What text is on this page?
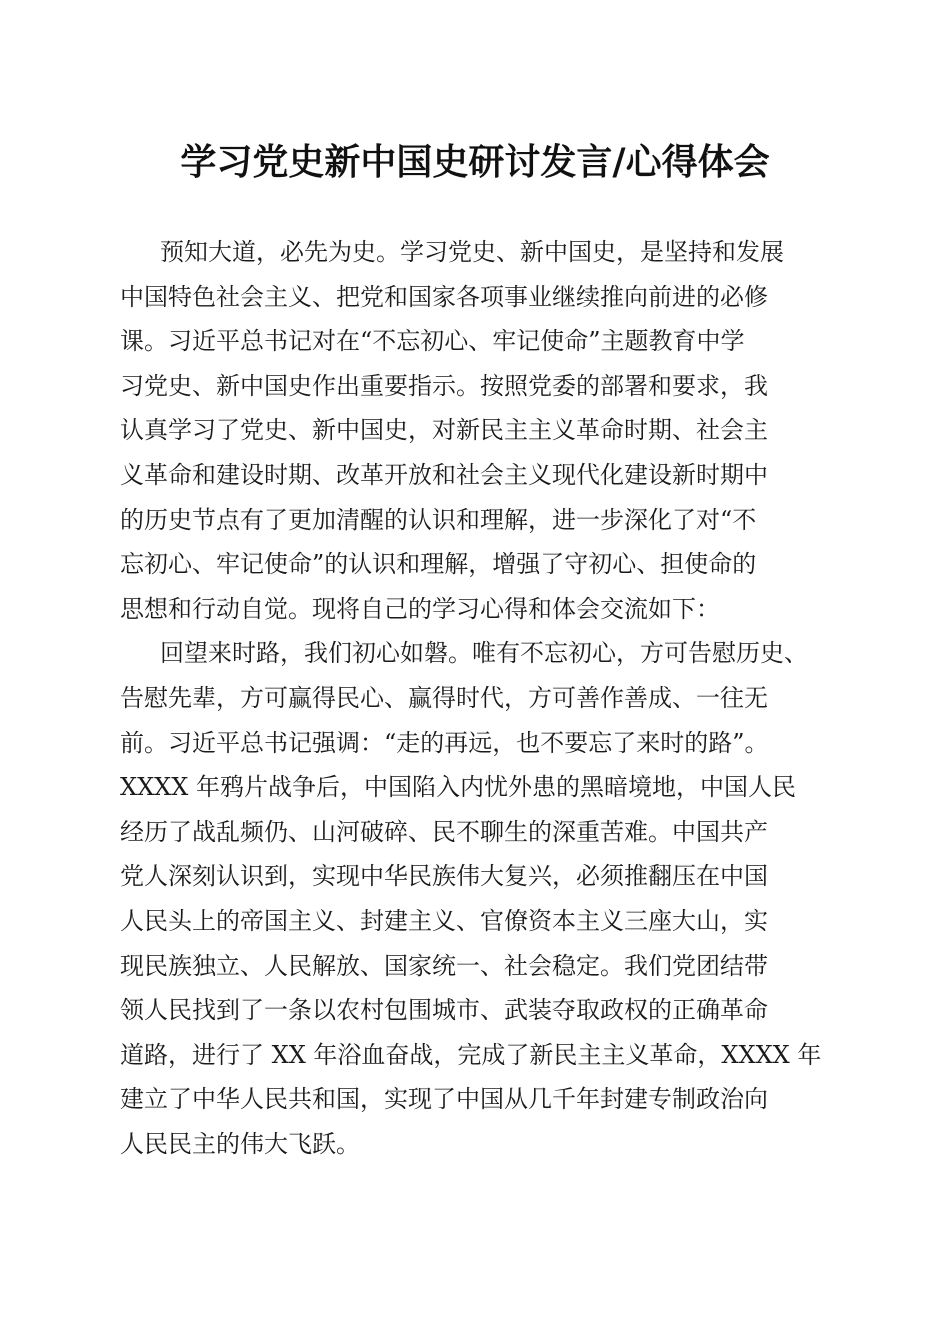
学习党史新中国史研讨发言/心得体会
预知大道，必先为史。学习党史、新中国史，是坚持和发展
中国特色社会主义、把党和国家各项事业继续推向前进的必修
课。习近平总书记对在“不忘初心、牢记使命”主题教育中学
习党史、新中国史作出重要指示。按照党委的部署和要求，我
认真学习了党史、新中国史，对新民主主义革命时期、社会主
义革命和建设时期、改革开放和社会主义现代化建设新时期中
的历史节点有了更加清醒的认识和理解，进一步深化了对“不
忘初心、牢记使命”的认识和理解，增强了守初心、担使命的
思想和行动自觉。现将自己的学习心得和体会交流如下：
回望来时路，我们初心如磐。唯有不忘初心，方可告慰历史、
告慰先辈，方可赢得民心、赢得时代，方可善作善成、一往无
前。习近平总书记强调：“走的再远，也不要忘了来时的路”。
XXXX 年鸦片战争后，中国陷入内忧外患的黑暗境地，中国人民
经历了战乱频仍、山河破碎、民不聊生的深重苦难。中国共产
党人深刻认识到，实现中华民族伟大复兴，必须推翻压在中国
人民头上的帝国主义、封建主义、官僚资本主义三座大山，实
现民族独立、人民解放、国家统一、社会稳定。我们党团结带
领人民找到了一条以农村包围城市、武装夺取政权的正确革命
道路，进行了 XX 年浴血奋战，完成了新民主主义革命，XXXX 年
建立了中华人民共和国，实现了中国从几千年封建专制政治向
人民民主的伟大飞跃。
